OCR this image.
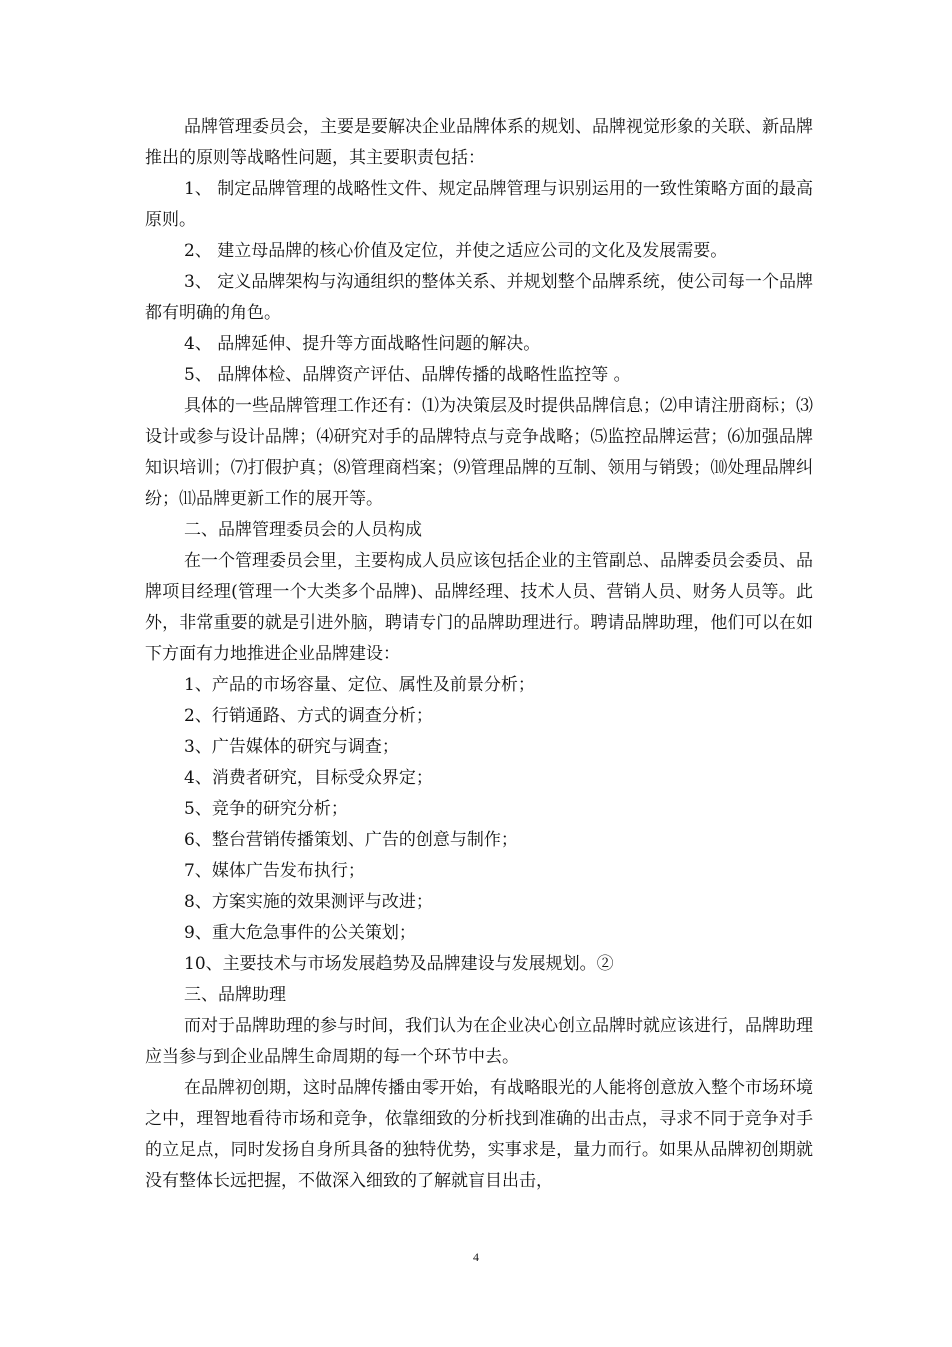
品牌管理委员会，主要是要解决企业品牌体系的规划、品牌视觉形象的关联、新品牌推出的原则等战略性问题，其主要职责包括：

1、 制定品牌管理的战略性文件、规定品牌管理与识别运用的一致性策略方面的最高原则。

2、 建立母品牌的核心价值及定位，并使之适应公司的文化及发展需要。

3、 定义品牌架构与沟通组织的整体关系、并规划整个品牌系统，使公司每一个品牌都有明确的角色。

4、 品牌延伸、提升等方面战略性问题的解决。

5、 品牌体检、品牌资产评估、品牌传播的战略性监控等 。

具体的一些品牌管理工作还有：⑴为决策层及时提供品牌信息；⑵申请注册商标；⑶设计或参与设计品牌；⑷研究对手的品牌特点与竞争战略；⑸监控品牌运营；⑹加强品牌知识培训；⑺打假护真；⑻管理商档案；⑼管理品牌的互制、领用与销毁；⑽处理品牌纠纷；⑾品牌更新工作的展开等。

二、品牌管理委员会的人员构成

在一个管理委员会里，主要构成人员应该包括企业的主管副总、品牌委员会委员、品牌项目经理(管理一个大类多个品牌)、品牌经理、技术人员、营销人员、财务人员等。此外，非常重要的就是引进外脑，聘请专门的品牌助理进行。聘请品牌助理，他们可以在如下方面有力地推进企业品牌建设：

1、产品的市场容量、定位、属性及前景分析；

2、行销通路、方式的调查分析；

3、广告媒体的研究与调查；

4、消费者研究，目标受众界定；

5、竞争的研究分析；

6、整台营销传播策划、广告的创意与制作；

7、媒体广告发布执行；

8、方案实施的效果测评与改进；

9、重大危急事件的公关策划；

10、主要技术与市场发展趋势及品牌建设与发展规划。②

三、品牌助理

而对于品牌助理的参与时间，我们认为在企业决心创立品牌时就应该进行，品牌助理应当参与到企业品牌生命周期的每一个环节中去。

在品牌初创期，这时品牌传播由零开始，有战略眼光的人能将创意放入整个市场环境之中，理智地看待市场和竞争，依靠细致的分析找到准确的出击点，寻求不同于竞争对手的立足点，同时发扬自身所具备的独特优势，实事求是，量力而行。如果从品牌初创期就没有整体长远把握，不做深入细致的了解就盲目出击，

4
